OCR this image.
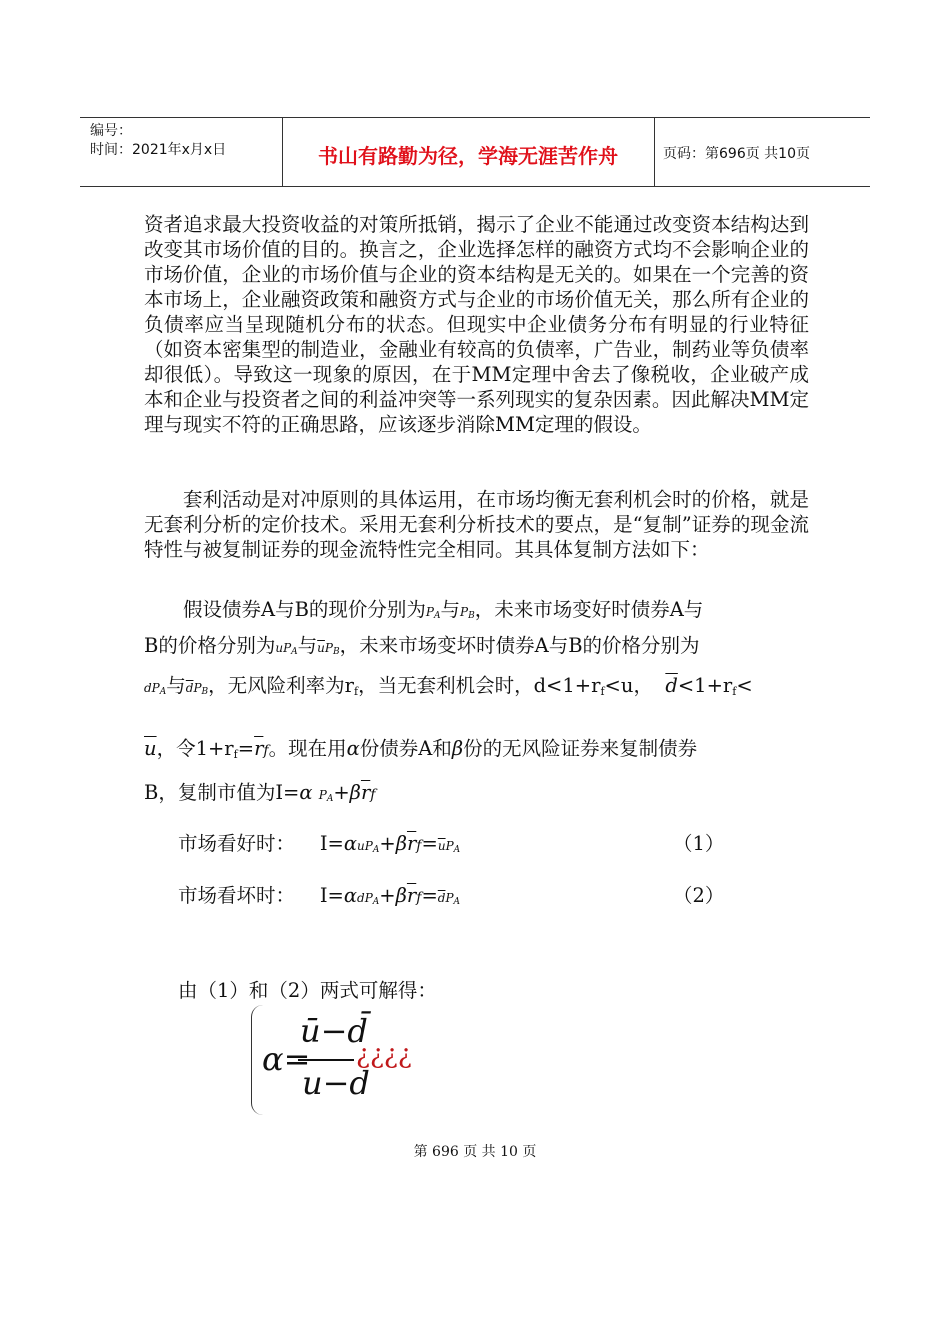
编号：
时间：2021年x月x日	书山有路勤为径，学海无涯苦作舟	页码：第696页 共10页

资者追求最大投资收益的对策所抵销，揭示了企业不能通过改变资本结构达到改变其市场价值的目的。换言之，企业选择怎样的融资方式均不会影响企业的市场价值，企业的市场价值与企业的资本结构是无关的。如果在一个完善的资本市场上，企业融资政策和融资方式与企业的市场价值无关，那么所有企业的负债率应当呈现随机分布的状态。但现实中企业债务分布有明显的行业特征（如资本密集型的制造业，金融业有较高的负债率，广告业，制药业等负债率却很低）。导致这一现象的原因，在于MM定理中舍去了像税收，企业破产成本和企业与投资者之间的利益冲突等一系列现实的复杂因素。因此解决MM定理与现实不符的正确思路，应该逐步消除MM定理的假设。

套利活动是对冲原则的具体运用，在市场均衡无套利机会时的价格，就是无套利分析的定价技术。采用无套利分析技术的要点，是“复制”证券的现金流特性与被复制证券的现金流特性完全相同。其具体复制方法如下：

假设债券A与B的现价分别为$P_A$与$P_B$，未来市场变好时债券A与
B的价格分别为$uP_A$与$\overline{u}P_B$，未来市场变坏时债券A与B的价格分别为
$dP_A$与$\overline{d}P_B$，无风险利率为rf，当无套利机会时，d<1+rf<u， $\overline{d}<1+rf<$
$\overline{u}$，令$1+rf=\overline{r}f$。现在用α份债券A和β份的无风险证券来复制债券
B，复制市值为I=α $P_A+\beta\overline{r}f$
市场看好时： $I=\alpha uP_A+\beta\overline{r}f=\overline{u}P_A$	（1）
市场看坏时： $I=\alpha dP_A+\beta\overline{r}f=\overline{d}P_A$	（2）
由（1）和（2）两式可解得：
α=
ū−d̄
u−d
¿¿¿¿
第 696 页 共 10 页
